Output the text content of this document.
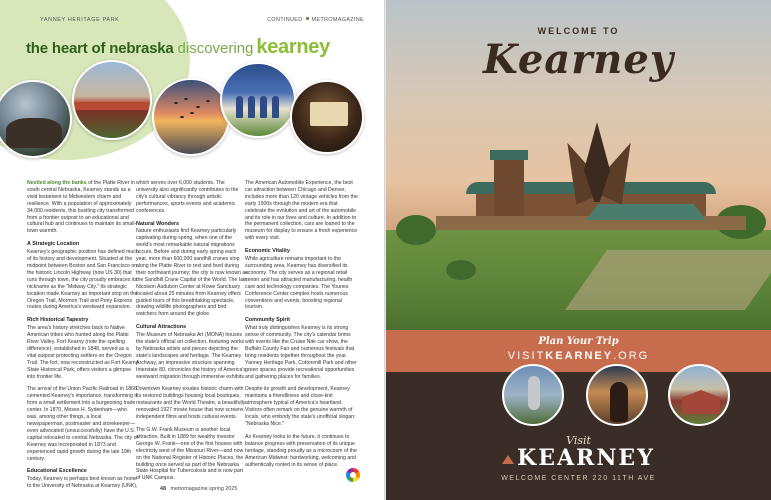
YANNEY HERITAGE PARK	CONTINUED METROMAGAZINE
the heart of nebraska discovering kearney

Nestled along the banks of the Platte River in south central Nebraska, Kearney stands as a vivid testament to Midwestern charm and resilience. With a population of approximately 34,000 residents, this bustling city transformed from a frontier outpost to an educational and cultural hub and continues to maintain its small-town warmth.

A Strategic Location
Kearney's geographic position has defined much of its history and development. Situated at the midpoint between Boston and San Francisco on the historic Lincoln Highway (now US 30) that runs through town, the city proudly embraces its nickname as the "Midway City." Its strategic location made Kearney an important stop on the Oregon Trail, Mormon Trail and Pony Express routes during America's westward expansion.

Rich Historical Tapestry
The area's history stretches back to Native American tribes who hunted along the Platte River Valley. Fort Kearny (note the spelling difference), established in 1848, served as a vital outpost protecting settlers on the Oregon Trail. The fort, now reconstructed as Fort Kearny State Historical Park, offers visitors a glimpse into frontier life.

The arrival of the Union Pacific Railroad in 1866 cemented Kearney's importance, transforming it from a small settlement into a burgeoning trade center. In 1870, Moses H. Sydenham—who was, among other things, a local newspaperman, postmaster and storekeeper—even advocated (unsuccessfully) have the U.S. capital relocated to central Nebraska. The city of Kearney was incorporated in 1873 and experienced rapid growth during the late 19th century.

Educational Excellence
Today, Kearney is perhaps best known as home to the University of Nebraska at Kearney (UNK),

which serves over 6,000 students. The university also significantly contributes to the city's cultural vibrancy through artistic performances, sports events and academic conferences.

Natural Wonders
Nature enthusiasts find Kearney particularly captivating during spring, when one of the world's most remarkable natural migrations occurs. Before and during early spring each year, more than 600,000 sandhill cranes stop along the Platte River to rest and feed during their northward journey; the city is now known as the Sandhill Crane Capital of the World. The Iain Nicolson Audubon Center at Rowe Sanctuary located about 25 minutes from Kearney offers guided tours of this breathtaking spectacle, drawing wildlife photographers and bird watchers from around the globe.

Cultural Attractions
The Museum of Nebraska Art (MONA) houses the state's official art collection, featuring works by Nebraska artists and pieces depicting the state's landscapes and heritage. The Kearney Archway, an impressive structure spanning Interstate 80, chronicles the history of America's westward migration through immersive exhibits.

Downtown Kearney exudes historic charm with its restored buildings housing local boutiques, restaurants and the World Theatre, a beautifully renovated 1927 movie house that now screens independent films and hosts cultural events.

The G.W. Frank Museum is another local attraction. Built in 1889 for wealthy investor George W. Frank—one of the first houses with electricity west of the Missouri River—and now on the National Register of Historic Places, the building once served as part of the Nebraska State Hospital for Tuberculosis and is now part of UNK Campus.

The American Automobile Experience, the best car attraction between Chicago and Denver, includes more than 120 vintage vehicles from the early 1900s through the modern era that celebrate the evolution and art of the automobile and its role in our lives and culture. In addition to the permanent collection, cars are loaned to the museum for display to ensure a fresh experience with every visit.

Economic Vitality
While agriculture remains important to the surrounding area, Kearney has diversified its economy. The city serves as a regional retail center and has attracted manufacturing, health care and technology companies. The Younes Conference Center complex hosts numerous conventions and events, boosting regional tourism.

Community Spirit
What truly distinguishes Kearney is its strong sense of community. The city's calendar brims with events like the Cruise Nite car show, the Buffalo County Fair and numerous festivals that bring residents together throughout the year. Yanney Heritage Park, Cottonmill Park and other green spaces provide recreational opportunities and gathering places for families.

Despite its growth and development, Kearney maintains a friendliness and close-knit atmosphere typical of America's heartland. Visitors often remark on the genuine warmth of locals, who embody the state's unofficial slogan: "Nebraska Nice."

As Kearney looks to the future, it continues to balance progress with preservation of its unique heritage, standing proudly as a microcosm of the American Midwest: hardworking, welcoming and authentically rooted in its sense of place.

48 metromagazine spring 2025
WELCOME TO
Kearney
Plan Your Trip
VISITKEARNEY.ORG
Visit
KEARNEY
WELCOME CENTER 220 11TH AVE
